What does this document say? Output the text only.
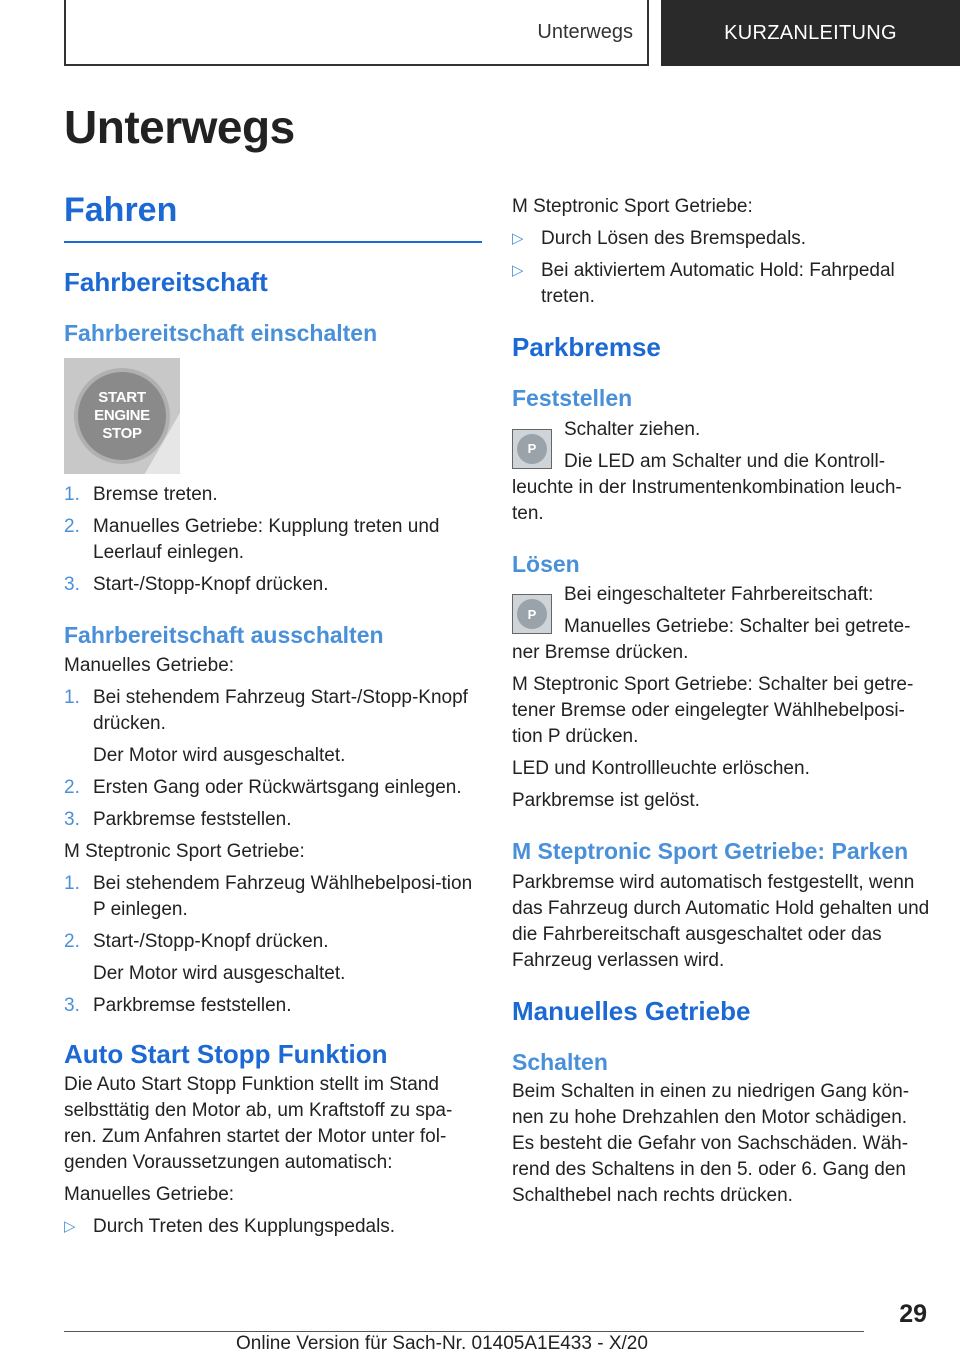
Unterwegs	KURZANLEITUNG
Unterwegs
Fahren
Fahrbereitschaft
Fahrbereitschaft einschalten
START
ENGINE
STOP
1. Bremse treten.
2. Manuelles Getriebe: Kupplung treten und Leerlauf einlegen.
3. Start-/Stopp-Knopf drücken.
Fahrbereitschaft ausschalten

Manuelles Getriebe:

1. Bei stehendem Fahrzeug Start-/Stopp-Knopf drücken.
Der Motor wird ausgeschaltet.
2. Ersten Gang oder Rückwärtsgang einlegen.
3. Parkbremse feststellen.

M Steptronic Sport Getriebe:

1. Bei stehendem Fahrzeug Wählhebelposi‐tion P einlegen.
2. Start-/Stopp-Knopf drücken.
Der Motor wird ausgeschaltet.
3. Parkbremse feststellen.
Auto Start Stopp Funktion

Die Auto Start Stopp Funktion stellt im Stand selbsttätig den Motor ab, um Kraftstoff zu spa‐ren. Zum Anfahren startet der Motor unter fol‐genden Voraussetzungen automatisch:

Manuelles Getriebe:

▷ Durch Treten des Kupplungspedals.

M Steptronic Sport Getriebe:

▷ Durch Lösen des Bremspedals.
▷ Bei aktiviertem Automatic Hold: Fahrpedal treten.
Parkbremse
Feststellen
P

Schalter ziehen.

Die LED am Schalter und die Kontroll‐leuchte in der Instrumentenkombination leuch‐ten.

Lösen
P

Bei eingeschalteter Fahrbereitschaft:

Manuelles Getriebe: Schalter bei getrete‐ner Bremse drücken.

M Steptronic Sport Getriebe: Schalter bei getre‐tener Bremse oder eingelegter Wählhebelposi‐tion P drücken.

LED und Kontrollleuchte erlöschen.

Parkbremse ist gelöst.

M Steptronic Sport Getriebe: Parken

Parkbremse wird automatisch festgestellt, wenn das Fahrzeug durch Automatic Hold gehalten und die Fahrbereitschaft ausgeschaltet oder das Fahrzeug verlassen wird.

Manuelles Getriebe
Schalten

Beim Schalten in einen zu niedrigen Gang kön‐nen zu hohe Drehzahlen den Motor schädigen. Es besteht die Gefahr von Sachschäden. Wäh‐rend des Schaltens in den 5. oder 6. Gang den Schalthebel nach rechts drücken.

29
Online Version für Sach-Nr. 01405A1E433 - X/20
